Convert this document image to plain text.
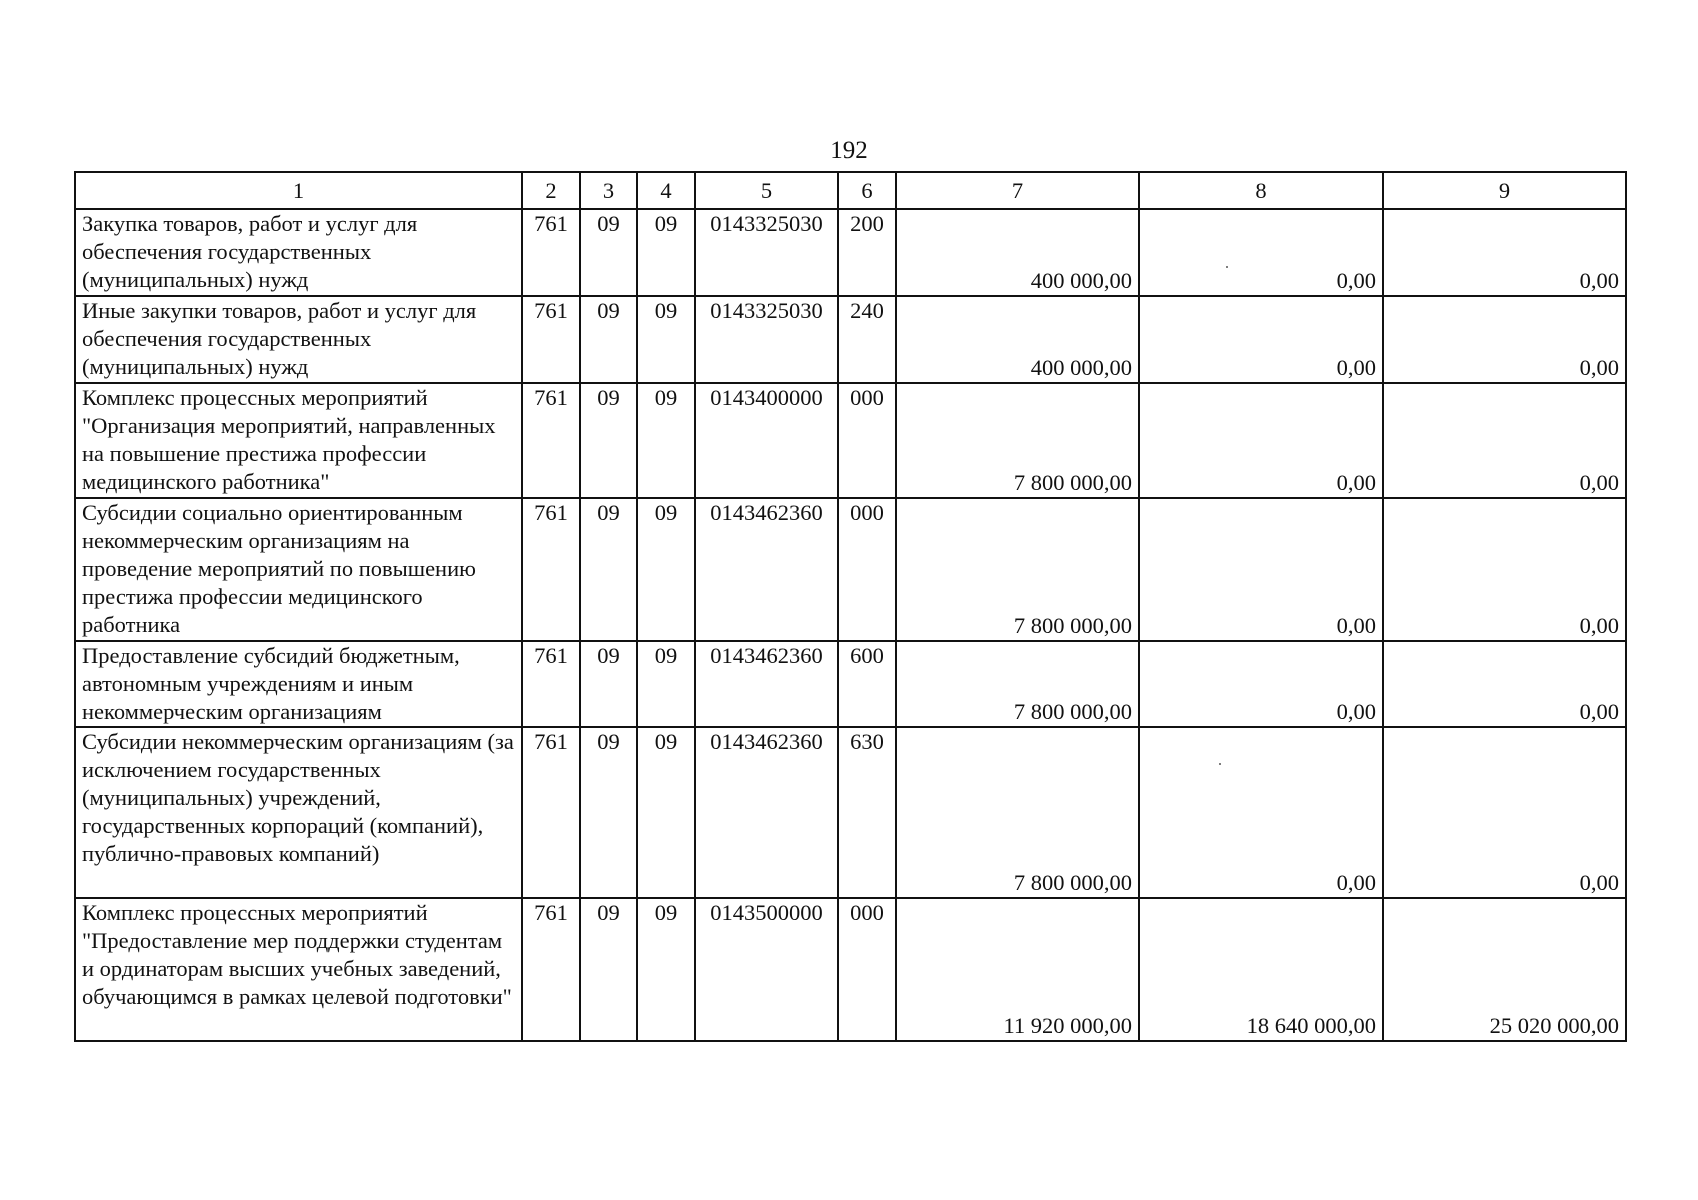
192
1	2	3	4	5	6	7	8	9
Закупка товаров, работ и услуг для обеспечения государственных (муниципальных) нужд	761	09	09	0143325030	200	400 000,00	0,00	0,00
Иные закупки товаров, работ и услуг для обеспечения государственных (муниципальных) нужд	761	09	09	0143325030	240	400 000,00	0,00	0,00
Комплекс процессных мероприятий "Организация мероприятий, направленных на повышение престижа профессии медицинского работника"	761	09	09	0143400000	000	7 800 000,00	0,00	0,00
Субсидии социально ориентированным некоммерческим организациям на проведение мероприятий по повышению престижа профессии медицинского работника	761	09	09	0143462360	000	7 800 000,00	0,00	0,00
Предоставление субсидий бюджетным, автономным учреждениям и иным некоммерческим организациям	761	09	09	0143462360	600	7 800 000,00	0,00	0,00
Субсидии некоммерческим организациям (за исключением государственных (муниципальных) учреждений, государственных корпораций (компаний), публично-правовых компаний)	761	09	09	0143462360	630	7 800 000,00	0,00	0,00
Комплекс процессных мероприятий "Предоставление мер поддержки студентам и ординаторам высших учебных заведений, обучающимся в рамках целевой подготовки"	761	09	09	0143500000	000	11 920 000,00	18 640 000,00	25 020 000,00
